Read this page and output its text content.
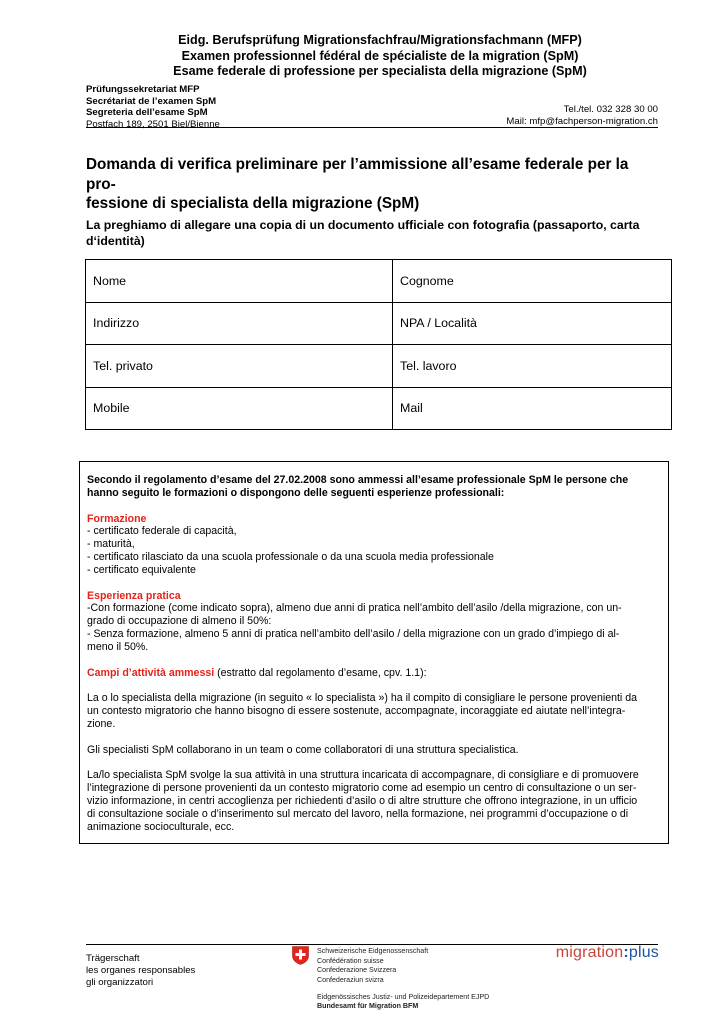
Eidg. Berufsprüfung Migrationsfachfrau/Migrationsfachmann (MFP)
Examen professionnel fédéral de spécialiste de la migration (SpM)
Esame federale di professione per specialista della migrazione (SpM)
Prüfungssekretariat MFP
Secrétariat de l’examen SpM
Segreteria dell’esame SpM
Postfach 189, 2501 Biel/Bienne
Tel./tel. 032 328 30 00
Mail: mfp@fachperson-migration.ch
Domanda di verifica preliminare per l’ammissione all’esame federale per la pro-
fessione di specialista della migrazione (SpM)
La preghiamo di allegare una copia di un documento ufficiale con fotografia (passaporto, carta
d‘identità)
Nome	Cognome
Indirizzo	NPA / Località
Tel. privato	Tel. lavoro
Mobile	Mail

Secondo il regolamento d’esame del 27.02.2008 sono ammessi all’esame professionale SpM le persone che
hanno seguito le formazioni o dispongono delle seguenti esperienze professionali:

Formazione
- certificato federale di capacità,
- maturità,
- certificato rilasciato da una scuola professionale o da una scuola media professionale
- certificato equivalente

Esperienza pratica
-Con formazione (come indicato sopra), almeno due anni di pratica nell’ambito dell’asilo /della migrazione, con un-
grado di occupazione di almeno il 50%:
- Senza formazione, almeno 5 anni di pratica nell’ambito dell’asilo / della migrazione con un grado d’impiego di al-
meno il 50%.

Campi d’attività ammessi (estratto dal regolamento d’esame, cpv. 1.1):

La o lo specialista della migrazione (in seguito « lo specialista ») ha il compito di consigliare le persone provenienti da
un contesto migratorio che hanno bisogno di essere sostenute, accompagnate, incoraggiate ed aiutate nell’integra-
zione.

Gli specialisti SpM collaborano in un team o come collaboratori di una struttura specialistica.

La/lo specialista SpM svolge la sua attività in una struttura incaricata di accompagnare, di consigliare e di promuovere
l’integrazione di persone provenienti da un contesto migratorio come ad esempio un centro di consultazione o un ser-
vizio informazione, in centri accoglienza per richiedenti d’asilo o di altre strutture che offrono integrazione, in un ufficio
di consultazione sociale o d’inserimento sul mercato del lavoro, nella formazione, nei programmi d’occupazione o di
animazione socioculturale, ecc.

Trägerschaft
les organes responsables
gli organizzatori
Schweizerische Eidgenossenschaft
Confédération suisse
Confederazione Svizzera
Confederaziun svizra
Eidgenössisches Justiz- und Polizeidepartement EJPD
Bundesamt für Migration BFM
migration:plus
